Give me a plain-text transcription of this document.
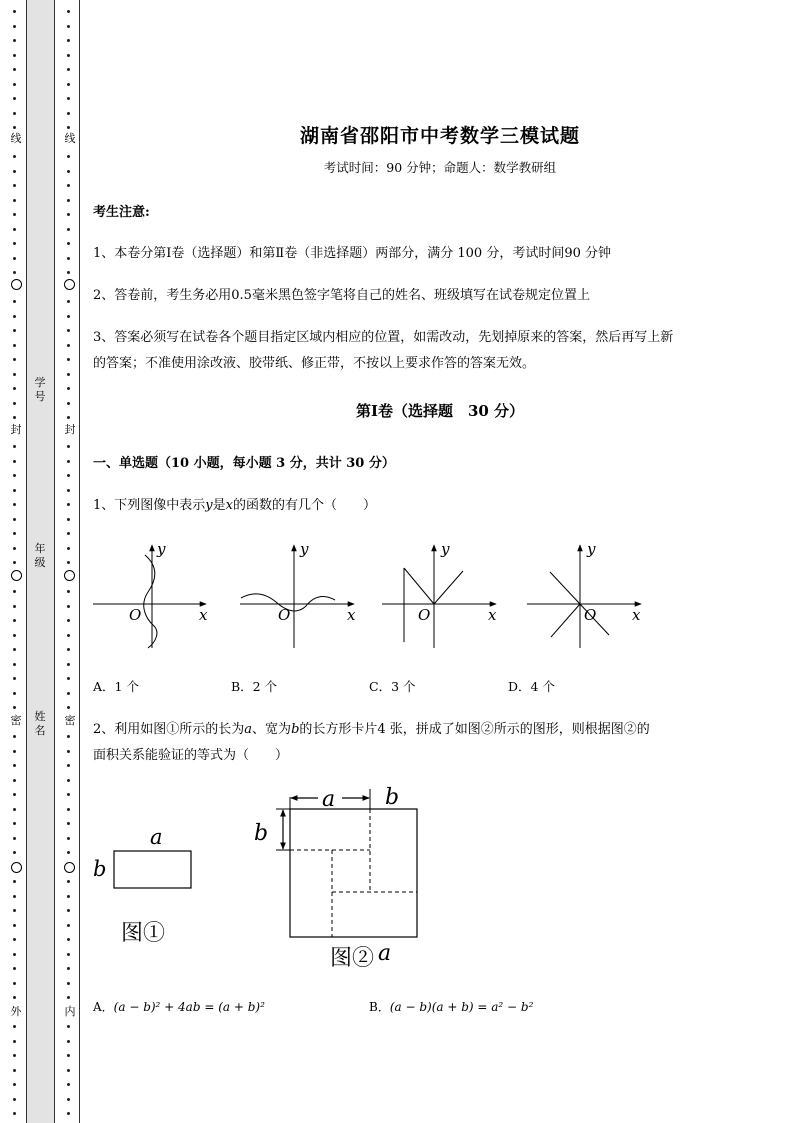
线
封
密
外
线
封
密
内
学号
年级
姓名
湖南省邵阳市中考数学三模试题
考试时间：90 分钟；命题人：数学教研组
考生注意:
1、本卷分第Ⅰ卷（选择题）和第Ⅱ卷（非选择题）两部分，满分 100 分，考试时间90 分钟
2、答卷前，考生务必用0.5毫米黑色签字笔将自己的姓名、班级填写在试卷规定位置上
3、答案必须写在试卷各个题目指定区域内相应的位置，如需改动，先划掉原来的答案，然后再写上新
的答案；不准使用涂改液、胶带纸、修正带，不按以上要求作答的答案无效。
第Ⅰ卷（选择题　30 分）
一、单选题（10 小题，每小题 3 分，共计 30 分）
1、下列图像中表示y是x的函数的有几个（　　）
y
x
O
y
x
O
y
x
O
y
x
O
A．1 个	B．2 个	C．3 个	D．4 个
2、利用如图①所示的长为a、宽为b的长方形卡片4 张，拼成了如图②所示的图形，则根据图②的
面积关系能验证的等式为（　　）
a
b
图①
a b
b
图② a
A．(a − b)² + 4ab = (a + b)²	B．(a − b)(a + b) = a² − b²
